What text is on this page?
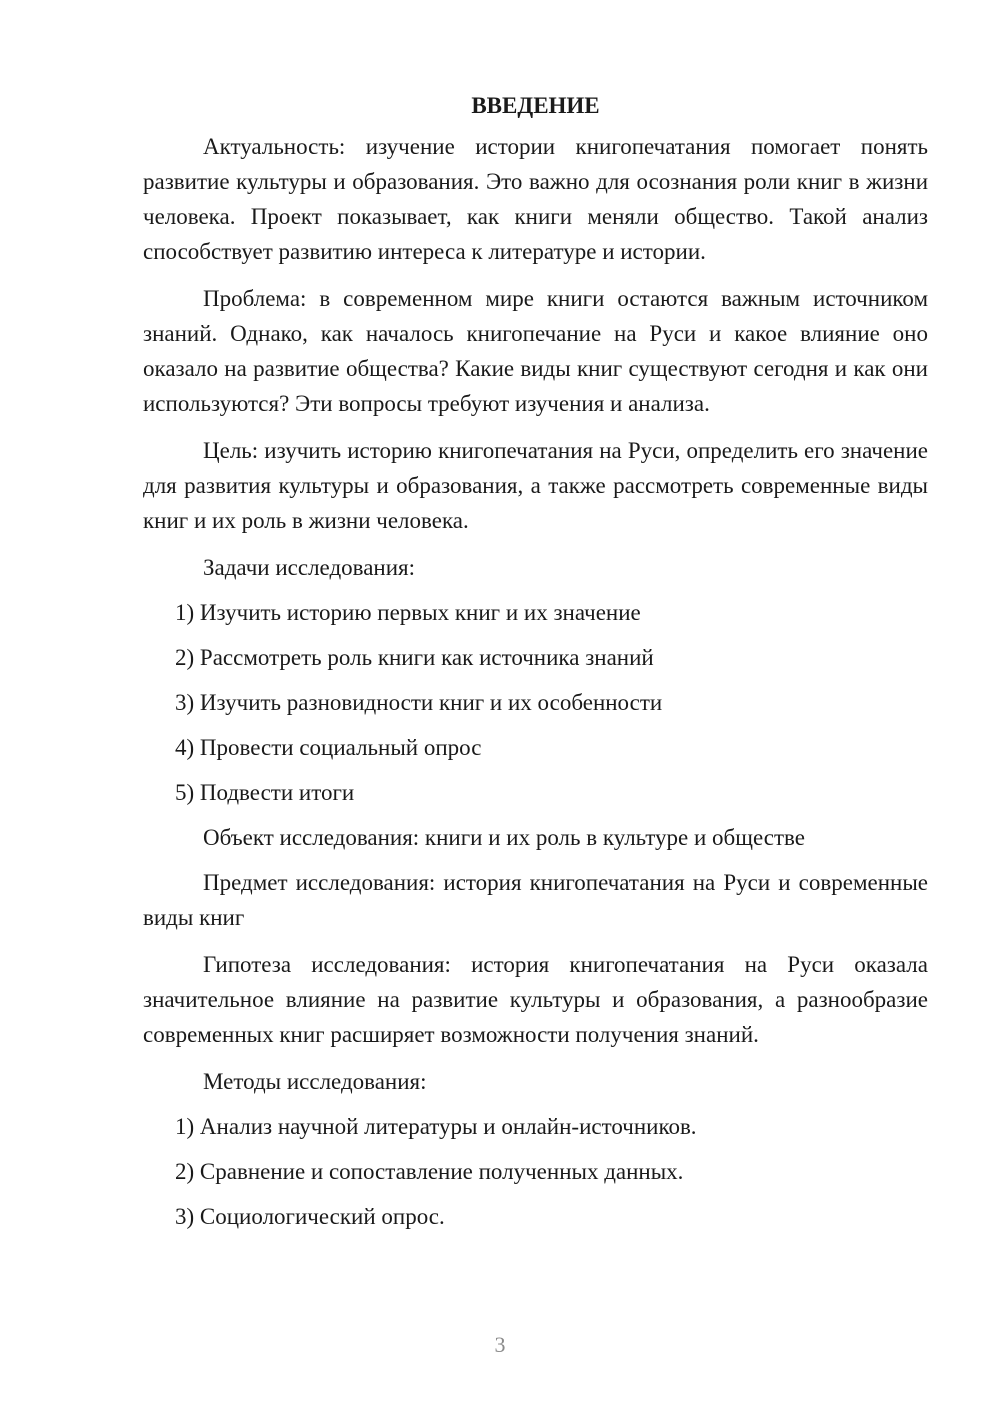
ВВЕДЕНИЕ

Актуальность: изучение истории книгопечатания помогает понять развитие культуры и образования. Это важно для осознания роли книг в жизни человека. Проект показывает, как книги меняли общество. Такой анализ способствует развитию интереса к литературе и истории.

Проблема: в современном мире книги остаются важным источником знаний. Однако, как началось книгопечание на Руси и какое влияние оно оказало на развитие общества? Какие виды книг существуют сегодня и как они используются? Эти вопросы требуют изучения и анализа.

Цель: изучить историю книгопечатания на Руси, определить его значение для развития культуры и образования, а также рассмотреть современные виды книг и их роль в жизни человека.

Задачи исследования:
1) Изучить историю первых книг и их значение
2) Рассмотреть роль книги как источника знаний
3) Изучить разновидности книг и их особенности
4) Провести социальный опрос
5) Подвести итоги
Объект исследования: книги и их роль в культуре и обществе

Предмет исследования: история книгопечатания на Руси и современные виды книг

Гипотеза исследования: история книгопечатания на Руси оказала значительное влияние на развитие культуры и образования, а разнообразие современных книг расширяет возможности получения знаний.

Методы исследования:
1) Анализ научной литературы и онлайн-источников.
2) Сравнение и сопоставление полученных данных.
3) Социологический опрос.
3
